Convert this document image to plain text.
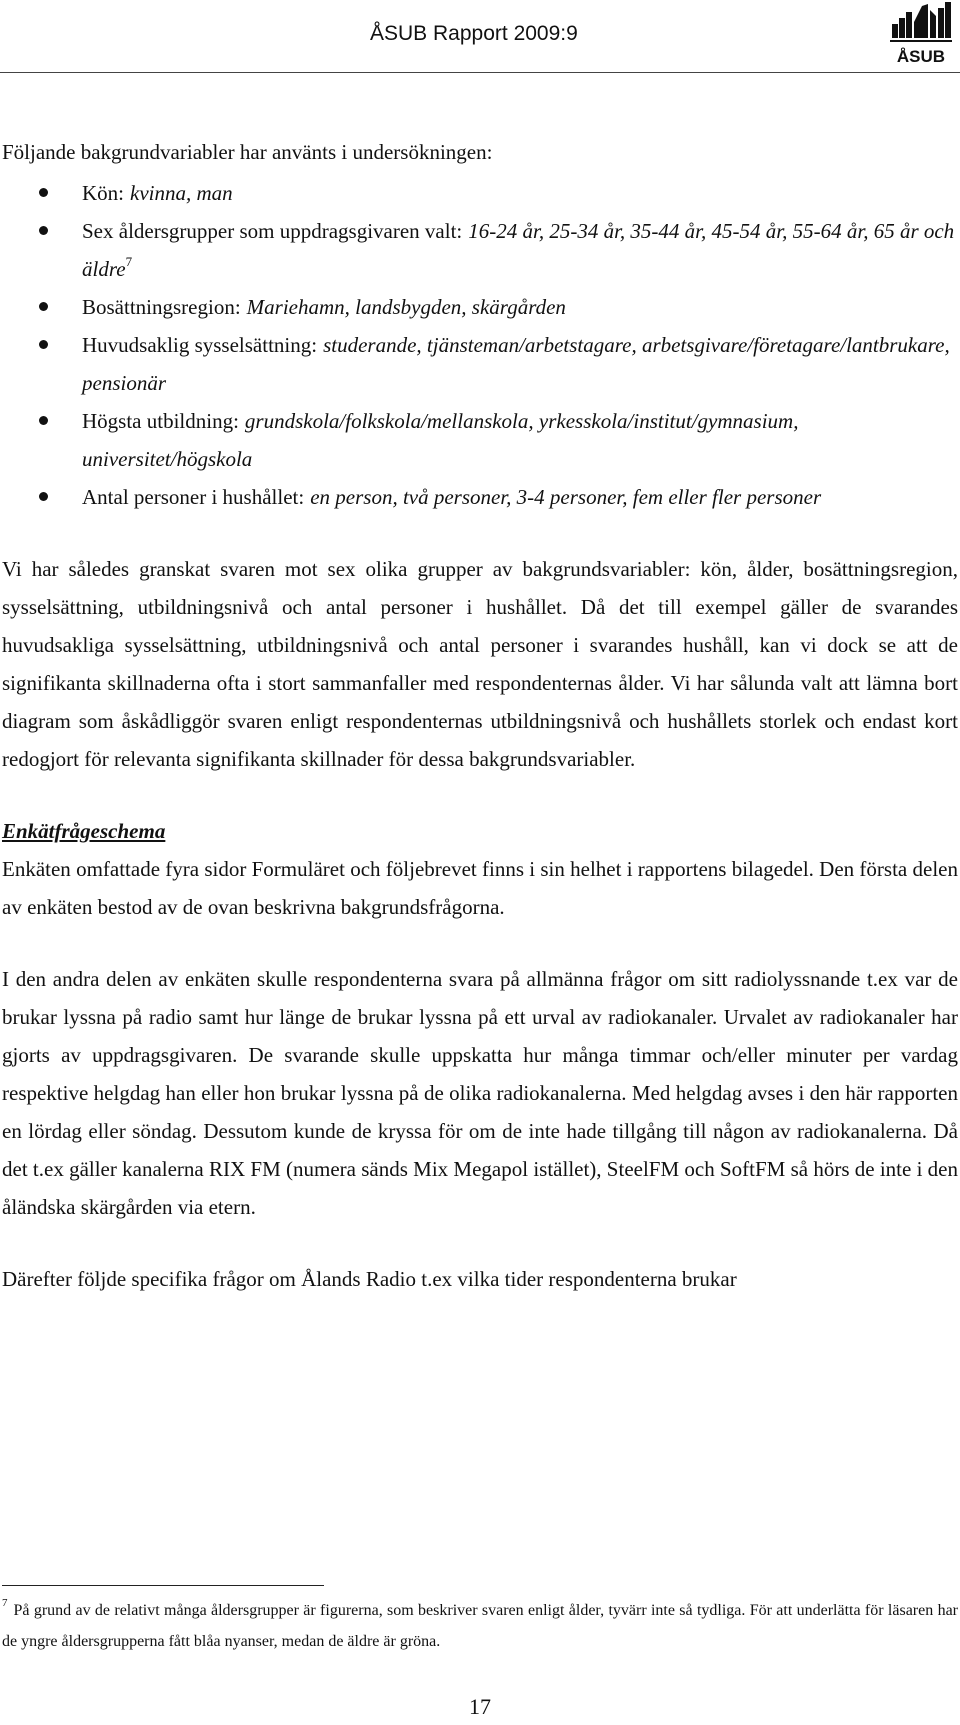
ÅSUB Rapport 2009:9
ÅSUB

Följande bakgrundvariabler har använts i undersökningen:

Kön: kvinna, man
Sex åldersgrupper som uppdragsgivaren valt: 16-24 år, 25-34 år, 35-44 år, 45-54 år, 55-64 år, 65 år och äldre$^7$
Bosättningsregion: Mariehamn, landsbygden, skärgården
Huvudsaklig sysselsättning: studerande, tjänsteman/arbetstagare, arbetsgivare/företagare/lantbrukare, pensionär
Högsta utbildning: grundskola/folkskola/mellanskola, yrkesskola/institut/gymnasium, universitet/högskola
Antal personer i hushållet: en person, två personer, 3-4 personer, fem eller fler personer

Vi har således granskat svaren mot sex olika grupper av bakgrundsvariabler: kön, ålder, bosättningsregion, sysselsättning, utbildningsnivå och antal personer i hushållet. Då det till exempel gäller de svarandes huvudsakliga sysselsättning, utbildningsnivå och antal personer i svarandes hushåll, kan vi dock se att de signifikanta skillnaderna ofta i stort sammanfaller med respondenternas ålder. Vi har sålunda valt att lämna bort diagram som åskådliggör svaren enligt respondenternas utbildningsnivå och hushållets storlek och endast kort redogjort för relevanta signifikanta skillnader för dessa bakgrundsvariabler.

Enkätfrågeschema

Enkäten omfattade fyra sidor Formuläret och följebrevet finns i sin helhet i rapportens bilagedel. Den första delen av enkäten bestod av de ovan beskrivna bakgrundsfrågorna.

I den andra delen av enkäten skulle respondenterna svara på allmänna frågor om sitt radiolyssnande t.ex var de brukar lyssna på radio samt hur länge de brukar lyssna på ett urval av radiokanaler. Urvalet av radiokanaler har gjorts av uppdragsgivaren. De svarande skulle uppskatta hur många timmar och/eller minuter per vardag respektive helgdag han eller hon brukar lyssna på de olika radiokanalerna. Med helgdag avses i den här rapporten en lördag eller söndag. Dessutom kunde de kryssa för om de inte hade tillgång till någon av radiokanalerna. Då det t.ex gäller kanalerna RIX FM (numera sänds Mix Megapol istället), SteelFM och SoftFM så hörs de inte i den åländska skärgården via etern.

Därefter följde specifika frågor om Ålands Radio t.ex vilka tider respondenterna brukar

$^7$ På grund av de relativt många åldersgrupper är figurerna, som beskriver svaren enligt ålder, tyvärr inte så tydliga. För att underlätta för läsaren har de yngre åldersgrupperna fått blåa nyanser, medan de äldre är gröna.
17
